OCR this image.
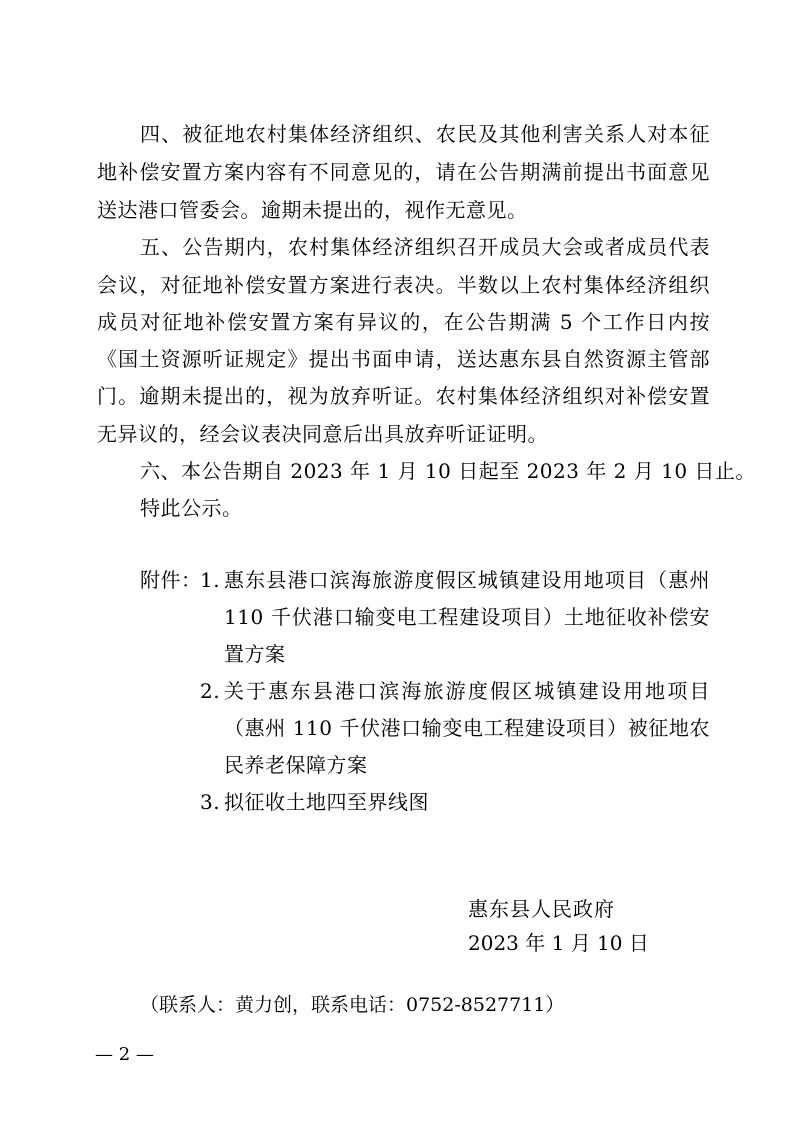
四、被征地农村集体经济组织、农民及其他利害关系人对本征
地补偿安置方案内容有不同意见的，请在公告期满前提出书面意见
送达港口管委会。逾期未提出的，视作无意见。
五、公告期内，农村集体经济组织召开成员大会或者成员代表
会议，对征地补偿安置方案进行表决。半数以上农村集体经济组织
成员对征地补偿安置方案有异议的，在公告期满 5 个工作日内按
《国土资源听证规定》提出书面申请，送达惠东县自然资源主管部
门。逾期未提出的，视为放弃听证。农村集体经济组织对补偿安置
无异议的，经会议表决同意后出具放弃听证证明。
六、本公告期自 2023 年 1 月 10 日起至 2023 年 2 月 10 日止。
特此公示。
附件：
1. 惠东县港口滨海旅游度假区城镇建设用地项目（惠州
110 千伏港口输变电工程建设项目）土地征收补偿安
置方案
2. 关于惠东县港口滨海旅游度假区城镇建设用地项目
（惠州 110 千伏港口输变电工程建设项目）被征地农
民养老保障方案
3. 拟征收土地四至界线图
惠东县人民政府
2023 年 1 月 10 日
（联系人：黄力创，联系电话：0752-8527711）
— 2 —
